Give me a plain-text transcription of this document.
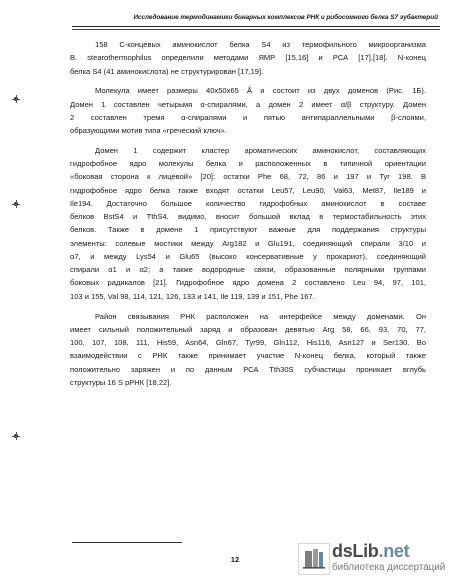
Исследование термодинамики бинарных комплексов РНК и рибосомного белка S7 эубактерий
158 С-концевых аминокислот белка S4 из термофильного микроорганизма
B. stearothermophilus определили методами ЯМР [15,16] и РСА [17],[18]. N-конец
белка S4 (41 аминокислота) не структурирован [17,19].
Молекула имеет размеры 40x50x65 Å и состоит из двух доменов (Рис. 1Б).
Домен 1 составлен четырьмя α-спиралями, а домен 2 имеет α/β структуру. Домен
2 составлен тремя α-спиралями и пятью антипараллельными β-слоями,
образующими мотив типа «греческий ключ».
Домен 1 содержит кластер ароматических аминокислот, составляющих
гидрофобное ядро молекулы белка и расположенных в типичной ориентации
«боковая сторона к лицевой» [20]: остатки Phe 68, 72, 86 и 197 и Tyr 198. В
гидрофобное ядро белка также входят остатки Leu57, Leu90, Val63, Met87, Ile189 и
Ile194. Достаточно большое количество гидрофобных аминокислот в составе
белков BstS4 и TthS4, видимо, вносит большой вклад в термостабильность этих
белков. Также в домене 1 присутствуют важные для поддержания структуры
элементы: солевые мостики между Arg182 и Glu191, соединяющий спирали 3/10 и
α7, и между Lys54 и Glu65 (высоко консервативные у прокариот), соединяющий
спирали α1 и α2; а также водородные связи, образованные полярными группами
боковых радикалов [21]. Гидрофобное ядро домена 2 составлено Leu 94, 97, 101,
103 и 155, Val 98, 114, 121, 126, 133 и 141, Ile 119, 139 и 151, Phe 167.
Район связывания РНК расположен на интерфейсе между доменами. Он
имеет сильный положительный заряд и образован девятью Arg 58, 66, 93, 70, 77,
100, 107, 108, 111, His59, Asn64, Gln67, Tyr99, Gln112, His116, Asn127 и Ser130. Во
взаимодействии с РНК также принимает участие N-конец белка, который также
положительно заряжен и по данным РСА Tth30S субчастицы проникает вглубь
структуры 16 S рРНК [18,22].
12	dsLib.net
библиотека диссертаций
